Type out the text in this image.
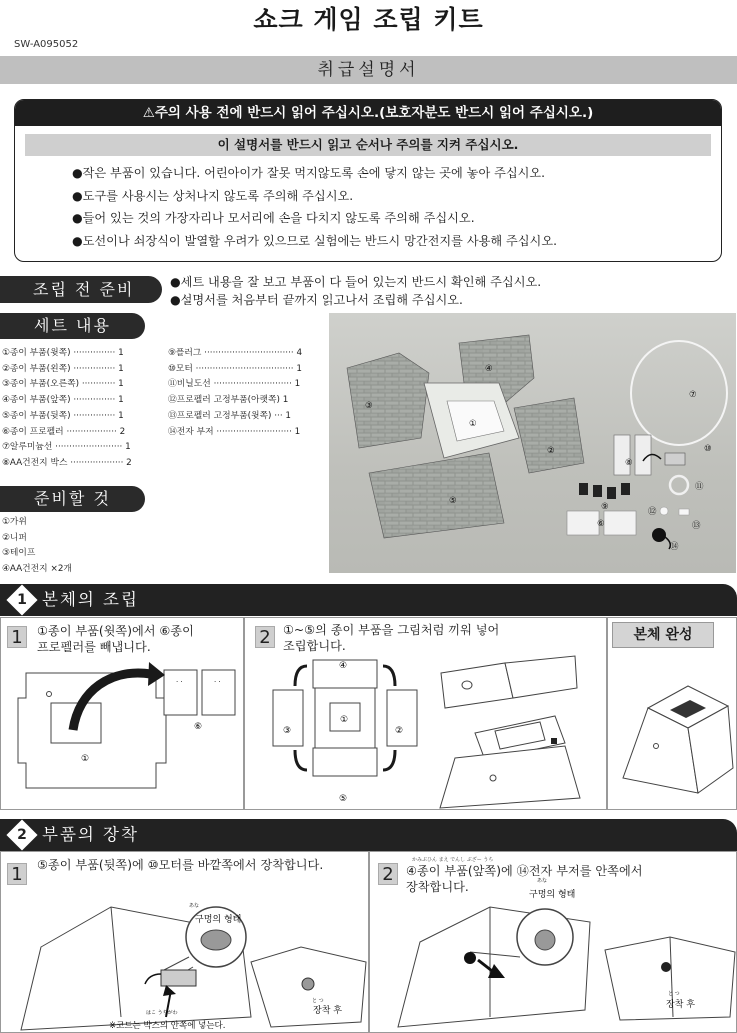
쇼크 게임 조립 키트
SW-A095052
취급설명서
⚠주의 사용 전에 반드시 읽어 주십시오.(보호자분도 반드시 읽어 주십시오.)
이 설명서를 반드시 읽고 순서나 주의를 지켜 주십시오.
●작은 부품이 있습니다. 어린아이가 잘못 먹지않도록 손에 닿지 않는 곳에 놓아 주십시오.
●도구를 사용시는 상처나지 않도록 주의해 주십시오.
●들어 있는 것의 가장자리나 모서리에 손을 다치지 않도록 주의해 주십시오.
●도선이나 쇠장식이 발열할 우려가 있으므로 실험에는 반드시 망간전지를 사용해 주십시오.
조립 전 준비	●세트 내용을 잘 보고 부품이 다 들어 있는지 반드시 확인해 주십시오.
●설명서를 처음부터 끝까지 읽고나서 조립해 주십시오.
세트 내용
①종이 부품(윗쪽) ··············· 1
②종이 부품(왼쪽) ··············· 1
③종이 부품(오른쪽) ············ 1
④종이 부품(앞쪽) ··············· 1
⑤종이 부품(뒷쪽) ··············· 1
⑥종이 프로펠러 ·················· 2
⑦알루미늄선 ························ 1
⑧AA건전지 박스 ··················· 2
⑨플러그 ································ 4
⑩모터 ··································· 1
⑪비닐도선 ···························· 1
⑫프로펠러 고정부품(아랫쪽) 1
⑬프로펠러 고정부품(윗쪽) ··· 1
⑭전자 부저 ··························· 1
준비할 것
①가위
②니퍼
③테이프
④AA건전지 ×2개
④
③
①
②
⑤
⑥
⑦
⑧
⑨
⑩
⑪
⑫
⑬
⑭
1 본체의 조립
1	①종이 부품(윗쪽)에서 ⑥종이
프로펠러를 빼냅니다.
· ·	· ·
①
⑥
2	①~⑤의 종이 부품을 그림처럼 끼워 넣어
조립합니다.
④
③
①
②
⑤
본체 완성
2 부품의 장착
1	⑤종이 부품(뒷쪽)에 ⑩모터를 바깥쪽에서 장착합니다.
あな
구멍의 형태
はこ うちがわ
※코드는 박스의 안쪽에 넣는다.
と つ
장착 후
2
かみぶひん まえ でんし ぶざー うち
④종이 부품(앞쪽)에 ⑭전자 부저를 안쪽에서
장착합니다.	あな
구멍의 형태
と つ
장착 후
